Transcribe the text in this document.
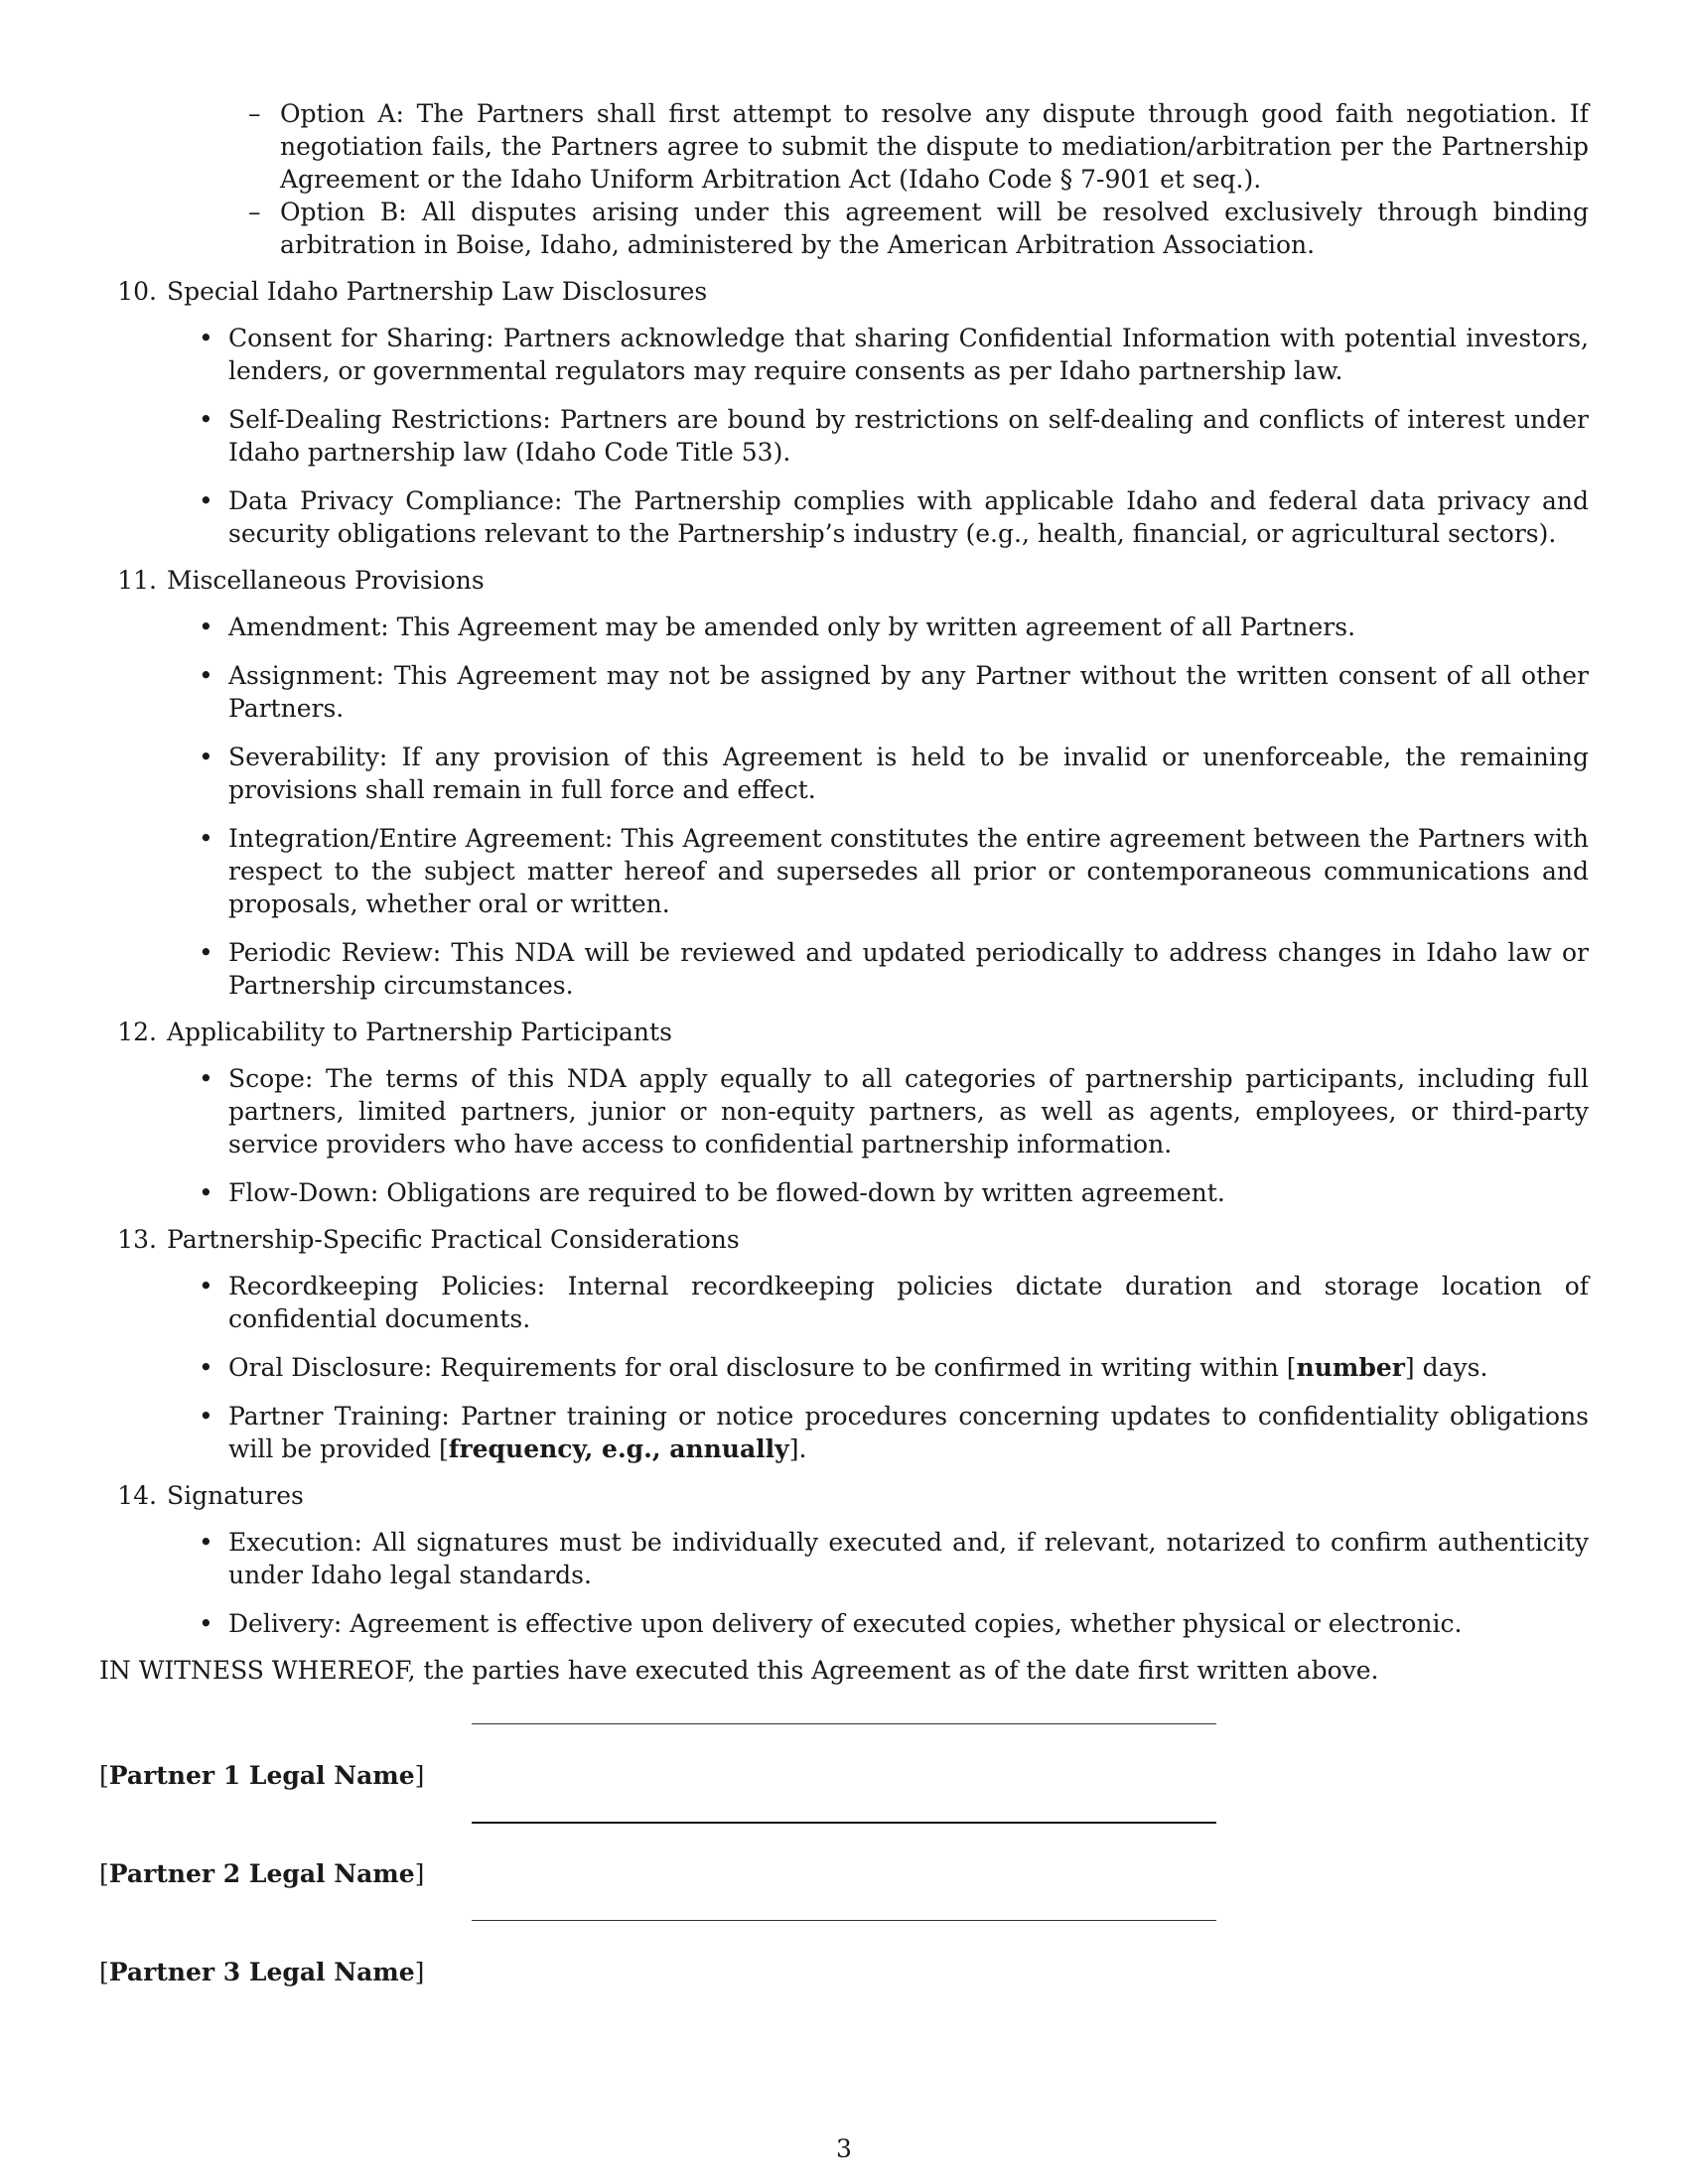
– Option A: The Partners shall first attempt to resolve any dispute through good faith negotiation. If negotiation fails, the Partners agree to submit the dispute to mediation/arbitration per the Partnership Agreement or the Idaho Uniform Arbitration Act (Idaho Code § 7-901 et seq.).
– Option B: All disputes arising under this agreement will be resolved exclusively through binding arbitration in Boise, Idaho, administered by the American Arbitration Association.
10. Special Idaho Partnership Law Disclosures
• Consent for Sharing: Partners acknowledge that sharing Confidential Information with potential investors, lenders, or governmental regulators may require consents as per Idaho partnership law.
• Self-Dealing Restrictions: Partners are bound by restrictions on self-dealing and conflicts of interest under Idaho partnership law (Idaho Code Title 53).
• Data Privacy Compliance: The Partnership complies with applicable Idaho and federal data privacy and security obligations relevant to the Partnership’s industry (e.g., health, financial, or agricultural sectors).
11. Miscellaneous Provisions
• Amendment: This Agreement may be amended only by written agreement of all Partners.
• Assignment: This Agreement may not be assigned by any Partner without the written consent of all other Partners.
• Severability: If any provision of this Agreement is held to be invalid or unenforceable, the remaining provisions shall remain in full force and effect.
• Integration/Entire Agreement: This Agreement constitutes the entire agreement between the Partners with respect to the subject matter hereof and supersedes all prior or contemporaneous communications and proposals, whether oral or written.
• Periodic Review: This NDA will be reviewed and updated periodically to address changes in Idaho law or Partnership circumstances.
12. Applicability to Partnership Participants
• Scope: The terms of this NDA apply equally to all categories of partnership participants, including full partners, limited partners, junior or non-equity partners, as well as agents, employees, or third-party service providers who have access to confidential partnership information.
• Flow-Down: Obligations are required to be flowed-down by written agreement.
13. Partnership-Specific Practical Considerations
• Recordkeeping Policies: Internal recordkeeping policies dictate duration and storage location of confidential documents.
• Oral Disclosure: Requirements for oral disclosure to be confirmed in writing within [number] days.
• Partner Training: Partner training or notice procedures concerning updates to confidentiality obligations will be provided [frequency, e.g., annually].
14. Signatures
• Execution: All signatures must be individually executed and, if relevant, notarized to confirm authenticity under Idaho legal standards.
• Delivery: Agreement is effective upon delivery of executed copies, whether physical or electronic.
IN WITNESS WHEREOF, the parties have executed this Agreement as of the date first written above.
[Partner 1 Legal Name]
[Partner 2 Legal Name]
[Partner 3 Legal Name]
3
